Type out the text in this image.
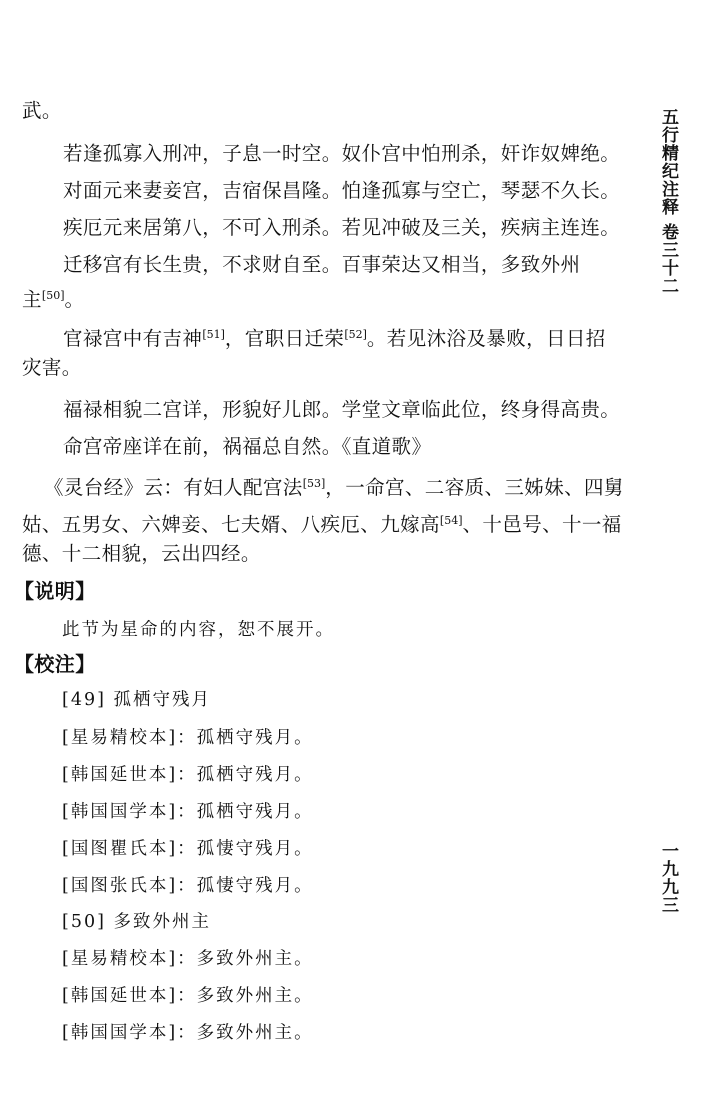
武。
若逢孤寡入刑冲，子息一时空。奴仆宫中怕刑杀，奸诈奴婢绝。
对面元来妻妾宫，吉宿保昌隆。怕逢孤寡与空亡，琴瑟不久长。
疾厄元来居第八，不可入刑杀。若见冲破及三关，疾病主连连。
迁移宫有长生贵，不求财自至。百事荣达又相当，多致外州
主[50]。
官禄宫中有吉神[51]，官职日迁荣[52]。若见沐浴及暴败，日日招
灾害。
福禄相貌二宫详，形貌好儿郎。学堂文章临此位，终身得高贵。
命宫帝座详在前，祸福总自然。《直道歌》
《灵台经》云：有妇人配宫法[53]，一命宫、二容质、三姊妹、四舅
姑、五男女、六婢妾、七夫婿、八疾厄、九嫁高[54]、十邑号、十一福
德、十二相貌，云出四经。
【说明】
此节为星命的内容，恕不展开。
【校注】
[49] 孤栖守残月
[星易精校本]：孤栖守残月。
[韩国延世本]：孤栖守残月。
[韩国国学本]：孤栖守残月。
[国图瞿氏本]：孤悽守残月。
[国图张氏本]：孤悽守残月。
[50] 多致外州主
[星易精校本]：多致外州主。
[韩国延世本]：多致外州主。
[韩国国学本]：多致外州主。
五行精纪注释 卷三十二
一九九三
